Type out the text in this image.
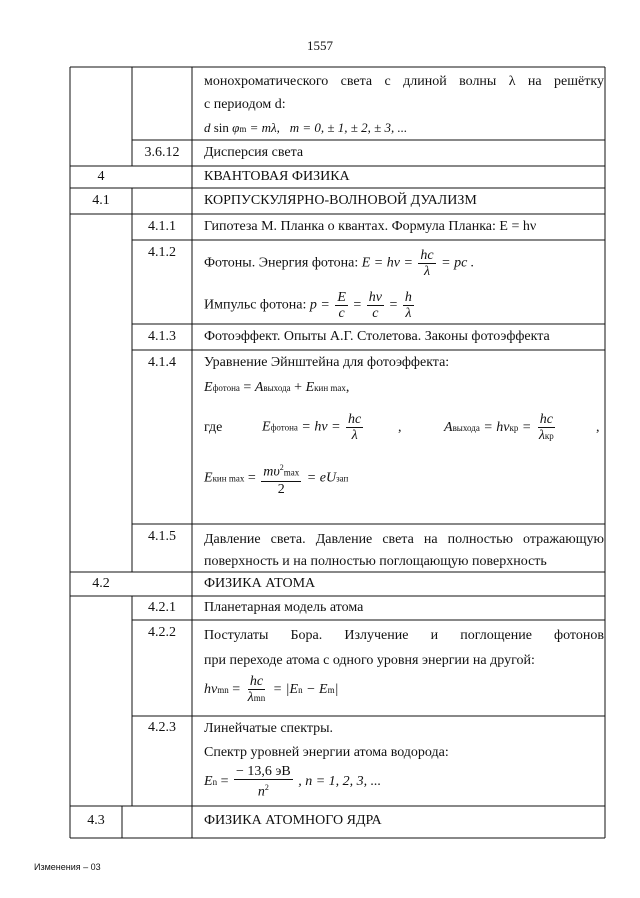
1557
монохроматического света с длиной волны λ на решётку
с периодом d:
d sin φm = mλ, m = 0, ± 1, ± 2, ± 3, ...
3.6.12	Дисперсия света
4	КВАНТОВАЯ ФИЗИКА
4.1	КОРПУСКУЛЯРНО-ВОЛНОВОЙ ДУАЛИЗМ
4.1.1	Гипотеза М. Планка о квантах. Формула Планка: E = hν
4.1.2
Фотоны. Энергия фотона: $E = h\nu = \frac{hc}{\lambda}$ = pc .
Импульс фотона: $p = \frac{E}{c} = \frac{h\nu}{c} = \frac{h}{\lambda}$
4.1.3	Фотоэффект. Опыты А.Г. Столетова. Законы фотоэффекта
4.1.4	Уравнение Эйнштейна для фотоэффекта:
Eфотона = Aвыхода + Eкин max,
где	Eфотона = $h\nu = \frac{hc}{\lambda}$ ,	Aвыхода = $h\nu кр = \frac{hc}{\text{λкр}}$	,
Eкин $\max = \frac{m\upsilon^2\max}{2}$ = eUзап
4.1.5	Давление света. Давление света на полностью отражающую
поверхность и на полностью поглощающую поверхность
4.2	ФИЗИКА АТОМА
4.2.1	Планетарная модель атома
4.2.2	Постулаты Бора. Излучение и поглощение фотонов
при переходе атома с одного уровня энергии на другой:
$h\nu mn = \frac{hc}{\text{λmn}} = |En - Em|$
4.2.3	Линейчатые спектры.
Спектр уровней энергии атома водорода:
$En = \frac{- 13,6 эВ}{n^2}$ , n = 1, 2, 3, ...
4.3	ФИЗИКА АТОМНОГО ЯДРА
Изменения – 03
